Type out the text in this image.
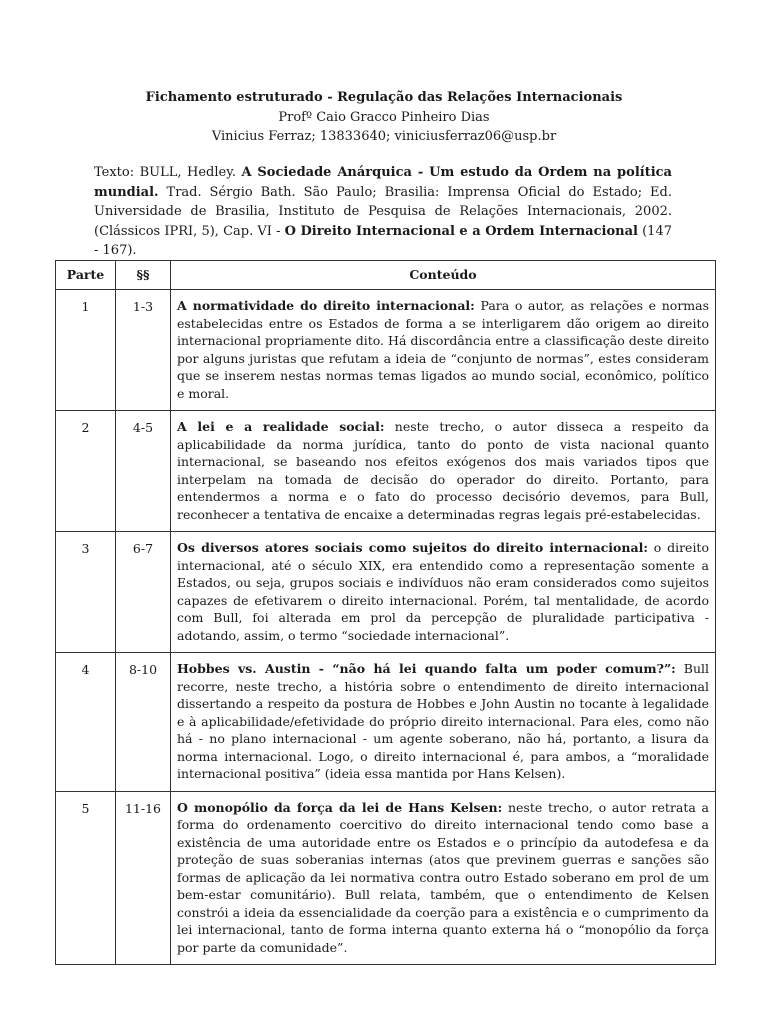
Fichamento estruturado - Regulação das Relações Internacionais
Profº Caio Gracco Pinheiro Dias
Vinicius Ferraz; 13833640; viniciusferraz06@usp.br
Texto: BULL, Hedley. A Sociedade Anárquica - Um estudo da Ordem na política mundial. Trad. Sérgio Bath. São Paulo; Brasilia: Imprensa Oficial do Estado; Ed. Universidade de Brasilia, Instituto de Pesquisa de Relações Internacionais, 2002. (Clássicos IPRI, 5), Cap. VI - O Direito Internacional e a Ordem Internacional (147 - 167).
Parte	§§	Conteúdo
1	1-3	A normatividade do direito internacional: Para o autor, as relações e normas estabelecidas entre os Estados de forma a se interligarem dão origem ao direito internacional propriamente dito. Há discordância entre a classificação deste direito por alguns juristas que refutam a ideia de “conjunto de normas”, estes consideram que se inserem nestas normas temas ligados ao mundo social, econômico, político e moral.
2	4-5	A lei e a realidade social: neste trecho, o autor disseca a respeito da aplicabilidade da norma jurídica, tanto do ponto de vista nacional quanto internacional, se baseando nos efeitos exógenos dos mais variados tipos que interpelam na tomada de decisão do operador do direito. Portanto, para entendermos a norma e o fato do processo decisório devemos, para Bull, reconhecer a tentativa de encaixe a determinadas regras legais pré-estabelecidas.
3	6-7	Os diversos atores sociais como sujeitos do direito internacional: o direito internacional, até o século XIX, era entendido como a representação somente a Estados, ou seja, grupos sociais e indivíduos não eram considerados como sujeitos capazes de efetivarem o direito internacional. Porém, tal mentalidade, de acordo com Bull, foi alterada em prol da percepção de pluralidade participativa - adotando, assim, o termo “sociedade internacional”.
4	8-10	Hobbes vs. Austin - “não há lei quando falta um poder comum?”: Bull recorre, neste trecho, a história sobre o entendimento de direito internacional dissertando a respeito da postura de Hobbes e John Austin no tocante à legalidade e à aplicabilidade/efetividade do próprio direito internacional. Para eles, como não há - no plano internacional - um agente soberano, não há, portanto, a lisura da norma internacional. Logo, o direito internacional é, para ambos, a “moralidade internacional positiva” (ideia essa mantida por Hans Kelsen).
5	11-16	O monopólio da força da lei de Hans Kelsen: neste trecho, o autor retrata a forma do ordenamento coercitivo do direito internacional tendo como base a existência de uma autoridade entre os Estados e o princípio da autodefesa e da proteção de suas soberanias internas (atos que previnem guerras e sanções são formas de aplicação da lei normativa contra outro Estado soberano em prol de um bem-estar comunitário). Bull relata, também, que o entendimento de Kelsen constrói a ideia da essencialidade da coerção para a existência e o cumprimento da lei internacional, tanto de forma interna quanto externa há o “monopólio da força por parte da comunidade”.
